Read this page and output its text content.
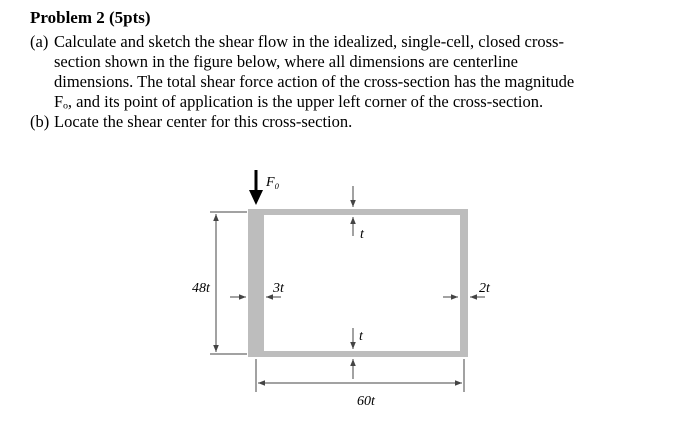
Problem 2 (5pts)
(a) Calculate and sketch the shear flow in the idealized, single-cell, closed cross-
section shown in the figure below, where all dimensions are centerline
dimensions. The total shear force action of the cross-section has the magnitude
Fₒ, and its point of application is the upper left corner of the cross-section.
(b) Locate the shear center for this cross-section.
F₀
48t	3t	2t
t
t
60t
